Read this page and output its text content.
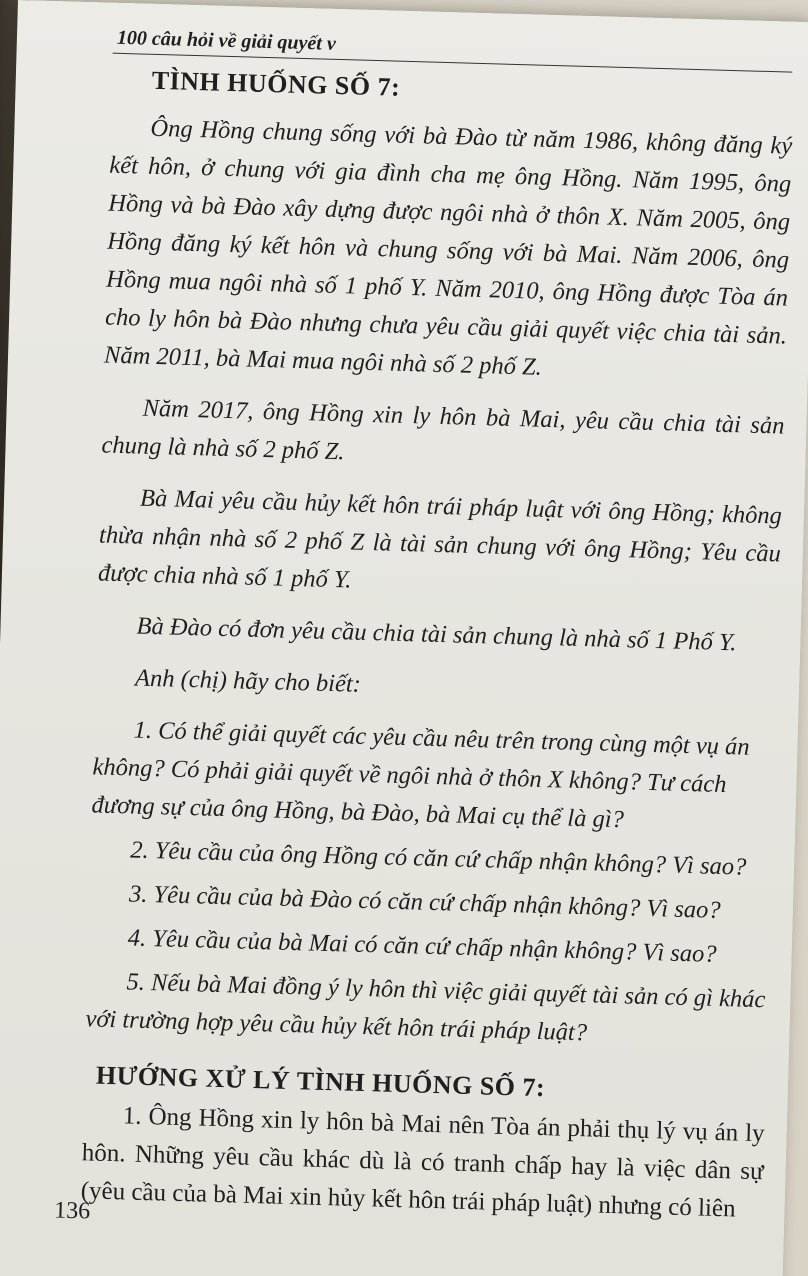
100 câu hỏi về giải quyết v
TÌNH HUỐNG SỐ 7:

Ông Hồng chung sống với bà Đào từ năm 1986, không đăng ký kết hôn, ở chung với gia đình cha mẹ ông Hồng. Năm 1995, ông Hồng và bà Đào xây dựng được ngôi nhà ở thôn X. Năm 2005, ông Hồng đăng ký kết hôn và chung sống với bà Mai. Năm 2006, ông Hồng mua ngôi nhà số 1 phố Y. Năm 2010, ông Hồng được Tòa án cho ly hôn bà Đào nhưng chưa yêu cầu giải quyết việc chia tài sản. Năm 2011, bà Mai mua ngôi nhà số 2 phố Z.

Năm 2017, ông Hồng xin ly hôn bà Mai, yêu cầu chia tài sản chung là nhà số 2 phố Z.

Bà Mai yêu cầu hủy kết hôn trái pháp luật với ông Hồng; không thừa nhận nhà số 2 phố Z là tài sản chung với ông Hồng; Yêu cầu được chia nhà số 1 phố Y.

Bà Đào có đơn yêu cầu chia tài sản chung là nhà số 1 Phố Y.

Anh (chị) hãy cho biết:

1. Có thể giải quyết các yêu cầu nêu trên trong cùng một vụ án không? Có phải giải quyết về ngôi nhà ở thôn X không? Tư cách đương sự của ông Hồng, bà Đào, bà Mai cụ thể là gì?

2. Yêu cầu của ông Hồng có căn cứ chấp nhận không? Vì sao?

3. Yêu cầu của bà Đào có căn cứ chấp nhận không? Vì sao?

4. Yêu cầu của bà Mai có căn cứ chấp nhận không? Vì sao?

5. Nếu bà Mai đồng ý ly hôn thì việc giải quyết tài sản có gì khác với trường hợp yêu cầu hủy kết hôn trái pháp luật?

HƯỚNG XỬ LÝ TÌNH HUỐNG SỐ 7:

1. Ông Hồng xin ly hôn bà Mai nên Tòa án phải thụ lý vụ án ly hôn. Những yêu cầu khác dù là có tranh chấp hay là việc dân sự (yêu cầu của bà Mai xin hủy kết hôn trái pháp luật) nhưng có liên

136
